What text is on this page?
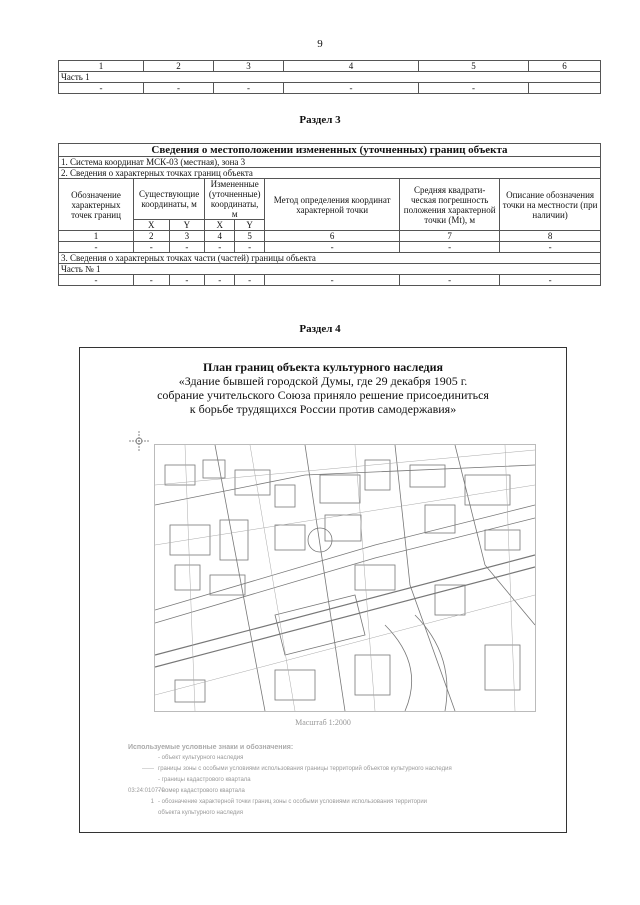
9
1	2	3	4	5	6
Часть 1					
-	-	-	-	-	
Раздел 3
Сведения о местоположении измененных (уточненных) границ объекта							
1. Система координат МСК-03 (местная), зона 3							
2. Сведения о характерных точках границ объекта							
Обозначение характерных точек границ	Существующие координаты, м		Измененные (уточненные) координаты, м		Метод определения координат характерной точки	Средняя квадрати-ческая погрешность положения характерной точки (Мt), м	Описание обозначения точки на местности (при наличии)
	X	Y	X	Y			
1	2	3	4	5	6	7	8
-	-	-	-	-	-	-	-
3. Сведения о характерных точках части (частей) границы объекта							
Часть № 1							
-	-	-	-	-	-	-	-
Раздел 4
План границ объекта культурного наследия
«Здание бывшей городской Думы, где 29 декабря 1905 г.
собрание учительского Союза приняло решение присоединиться
к борьбе трудящихся России против самодержавия»
Масштаб 1:2000
Используемые условные знаки и обозначения:
- объект культурного наследия
------ границы зоны с особыми условиями использования границы территорий объектов культурного наследия
- границы кадастрового квартала
03:24:010770
- номер кадастрового квартала
1 - обозначение характерной точки границ зоны с особыми условиями использования территории
объекта культурного наследия
